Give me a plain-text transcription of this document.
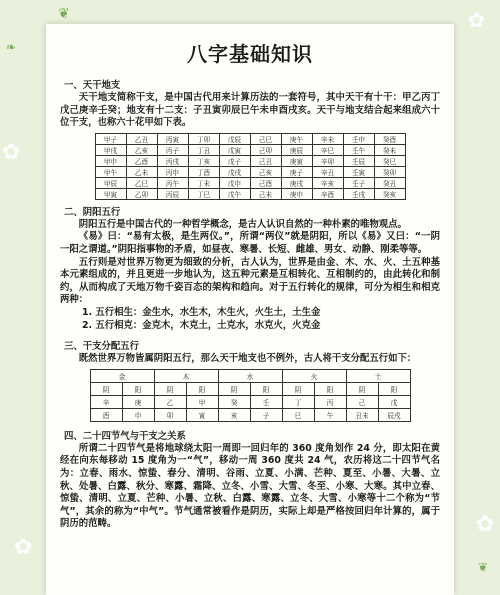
✿
✿
✿
✿
❦
❧
❦
八字基础知识
一、天干地支

天干地支简称干支，是中国古代用来计算历法的一套符号，其中天干有十干：甲乙丙丁戊己庚辛壬癸；地支有十二支：子丑寅卯辰巳午未申酉戌亥。天干与地支结合起来组成六十位干支，也称六十花甲如下表。

甲子	乙丑	丙寅	丁卯	戊辰	己巳	庚午	辛未	壬申	癸酉
甲戌	乙亥	丙子	丁丑	戊寅	己卯	庚辰	辛巳	壬午	癸未
甲申	乙酉	丙戌	丁亥	戊子	己丑	庚寅	辛卯	壬辰	癸巳
甲午	乙未	丙申	丁酉	戊戌	己亥	庚子	辛丑	壬寅	癸卯
甲辰	乙巳	丙午	丁未	戊申	己酉	庚戌	辛亥	壬子	癸丑
甲寅	乙卯	丙辰	丁巳	戊午	己未	庚申	辛酉	壬戌	癸亥
二、阴阳五行

阴阳五行是中国古代的一种哲学概念，是古人认识自然的一种朴素的唯物观点。

《易》曰：“易有太极，是生两仪。”，所谓“两仪”就是阴阳，所以《易》又曰：“一阴一阳之谓道。”阴阳指事物的矛盾，如昼夜、寒暑、长短、雌雄、男女、动静、刚柔等等。

五行则是对世界万物更为细致的分析，古人认为，世界是由金、木、水、火、土五种基本元素组成的，并且更进一步地认为，这五种元素是互相转化、互相制约的，由此转化和制约，从而构成了天地万物千姿百态的架构和趋向。对于五行转化的规律，可分为相生和相克两种：

1. 五行相生：金生水，水生木，木生火，火生土，土生金

2. 五行相克：金克木，木克土，土克水，水克火，火克金

三、干支分配五行

既然世界万物皆属阴阳五行，那么天干地支也不例外，古人将干支分配五行如下：

金		木		水		火		土	
阴	阳	阴	阳	阴	阳	阴	阳	阴	阳
辛	庚	乙	甲	癸	壬	丁	丙	己	戊
酉	申	卯	寅	亥	子	巳	午	丑未	辰戌
四、二十四节气与干支之关系

所谓二十四节气是将地球绕太阳一周即一回归年的 360 度角划作 24 分，即太阳在黄经在向东每移动 15 度角为一“气”，移动一周 360 度共 24 气，农历将这二十四节气名为：立春、雨水、惊蛰、春分、清明、谷雨、立夏、小满、芒种、夏至、小暑、大暑、立秋、处暑、白露、秋分、寒露、霜降、立冬、小雪、大雪、冬至、小寒、大寒。其中立春、惊蛰、清明、立夏、芒种、小暑、立秋、白露、寒露、立冬、大雪、小寒等十二个称为“节气”，其余的称为“中气”。节气通常被看作是阴历，实际上却是严格按回归年计算的，属于阴历的范畴。
